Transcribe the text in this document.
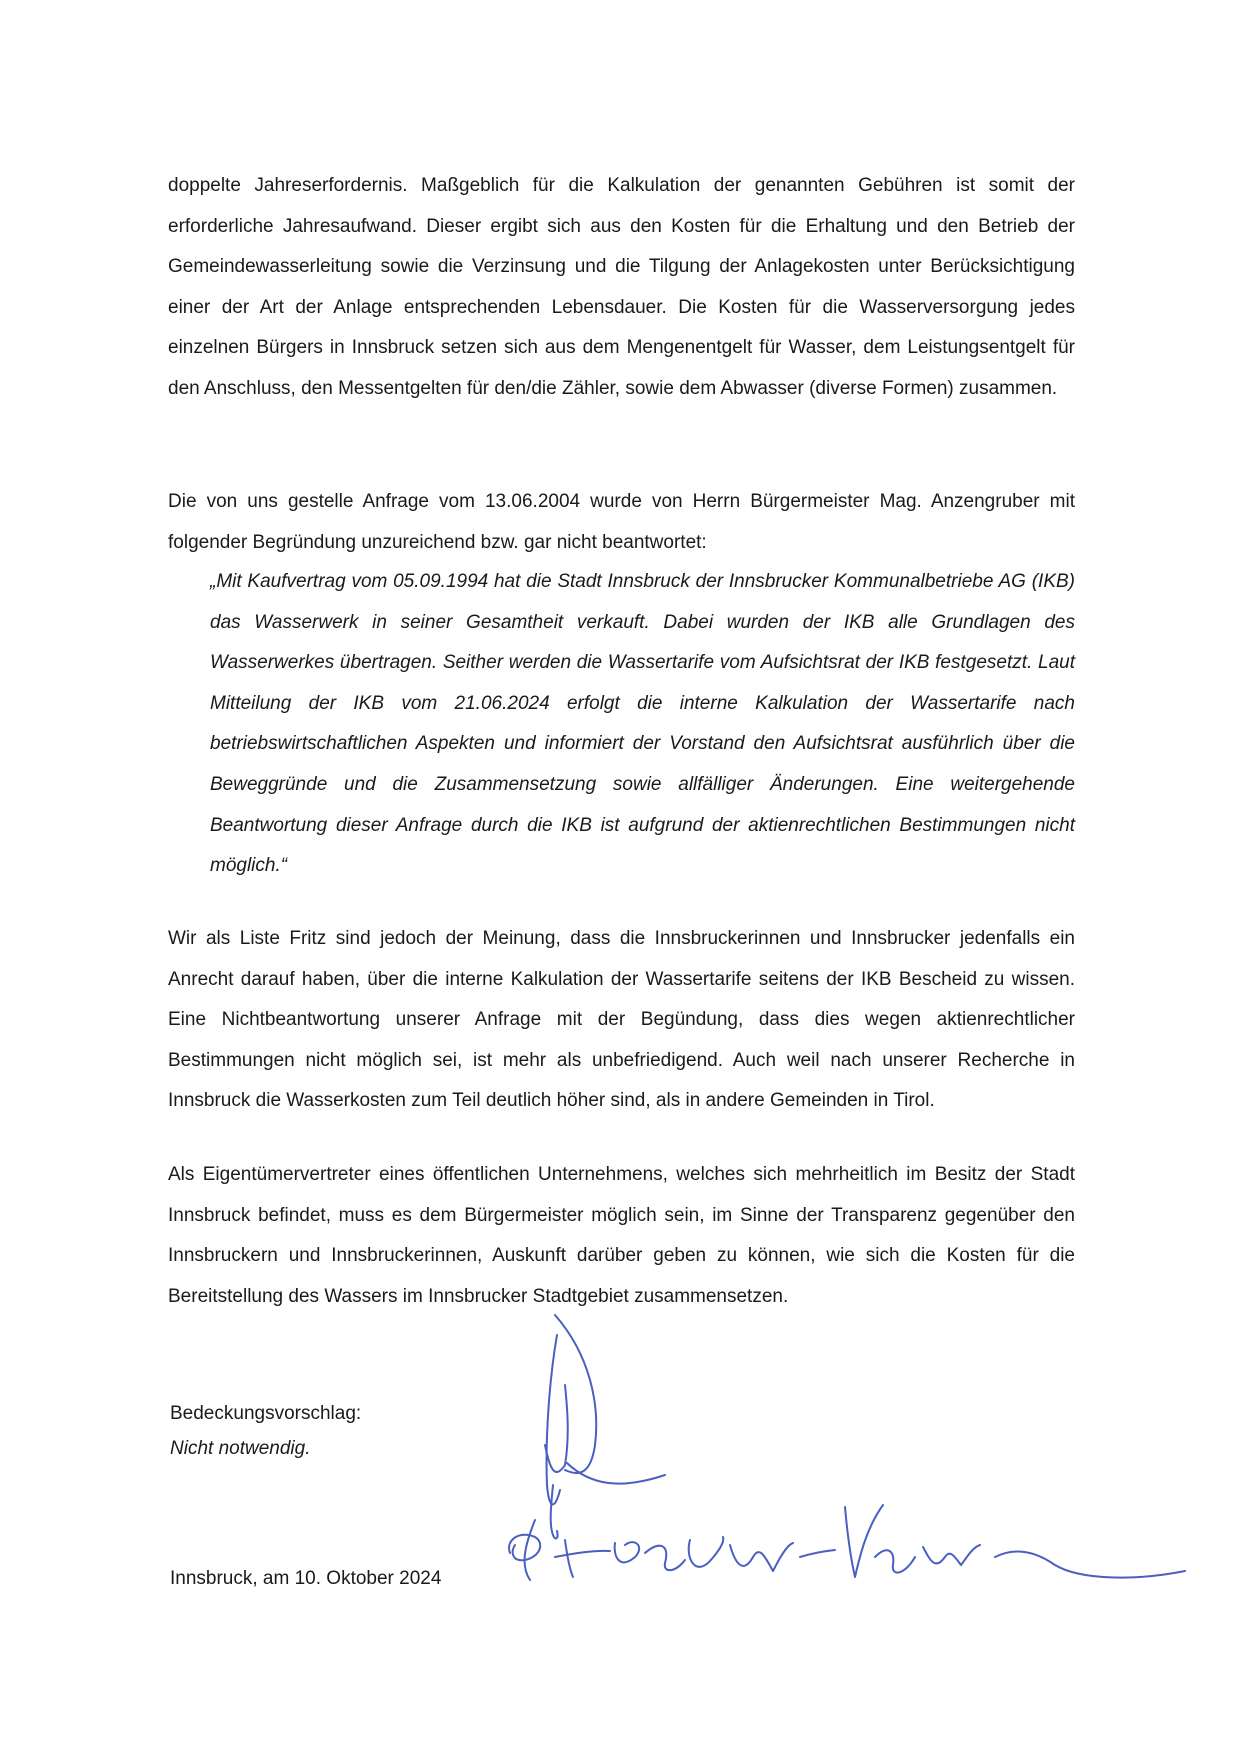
doppelte Jahreserfordernis. Maßgeblich für die Kalkulation der genannten Gebühren ist somit der erforderliche Jahresaufwand. Dieser ergibt sich aus den Kosten für die Erhaltung und den Betrieb der Gemeindewasserleitung sowie die Verzinsung und die Tilgung der Anlagekosten unter Berücksichtigung einer der Art der Anlage entsprechenden Lebensdauer. Die Kosten für die Wasserversorgung jedes einzelnen Bürgers in Innsbruck setzen sich aus dem Mengenentgelt für Wasser, dem Leistungsentgelt für den Anschluss, den Messentgelten für den/die Zähler, sowie dem Abwasser (diverse Formen) zusammen.

Die von uns gestelle Anfrage vom 13.06.2004 wurde von Herrn Bürgermeister Mag. Anzengruber mit folgender Begründung unzureichend bzw. gar nicht beantwortet:

„Mit Kaufvertrag vom 05.09.1994 hat die Stadt Innsbruck der Innsbrucker Kommunalbetriebe AG (IKB) das Wasserwerk in seiner Gesamtheit verkauft. Dabei wurden der IKB alle Grundlagen des Wasserwerkes übertragen. Seither werden die Wassertarife vom Aufsichtsrat der IKB festgesetzt. Laut Mitteilung der IKB vom 21.06.2024 erfolgt die interne Kalkulation der Wassertarife nach betriebswirtschaftlichen Aspekten und informiert der Vorstand den Aufsichtsrat ausführlich über die Beweggründe und die Zusammensetzung sowie allfälliger Änderungen. Eine weitergehende Beantwortung dieser Anfrage durch die IKB ist aufgrund der aktienrechtlichen Bestimmungen nicht möglich.“

Wir als Liste Fritz sind jedoch der Meinung, dass die Innsbruckerinnen und Innsbrucker jedenfalls ein Anrecht darauf haben, über die interne Kalkulation der Wassertarife seitens der IKB Bescheid zu wissen. Eine Nichtbeantwortung unserer Anfrage mit der Begündung, dass dies wegen aktienrechtlicher Bestimmungen nicht möglich sei, ist mehr als unbefriedigend. Auch weil nach unserer Recherche in Innsbruck die Wasserkosten zum Teil deutlich höher sind, als in andere Gemeinden in Tirol.

Als Eigentümervertreter eines öffentlichen Unternehmens, welches sich mehrheitlich im Besitz der Stadt Innsbruck befindet, muss es dem Bürgermeister möglich sein, im Sinne der Transparenz gegenüber den Innsbruckern und Innsbruckerinnen, Auskunft darüber geben zu können, wie sich die Kosten für die Bereitstellung des Wassers im Innsbrucker Stadtgebiet zusammensetzen.

Bedeckungsvorschlag:

Nicht notwendig.

Innsbruck, am 10. Oktober 2024
